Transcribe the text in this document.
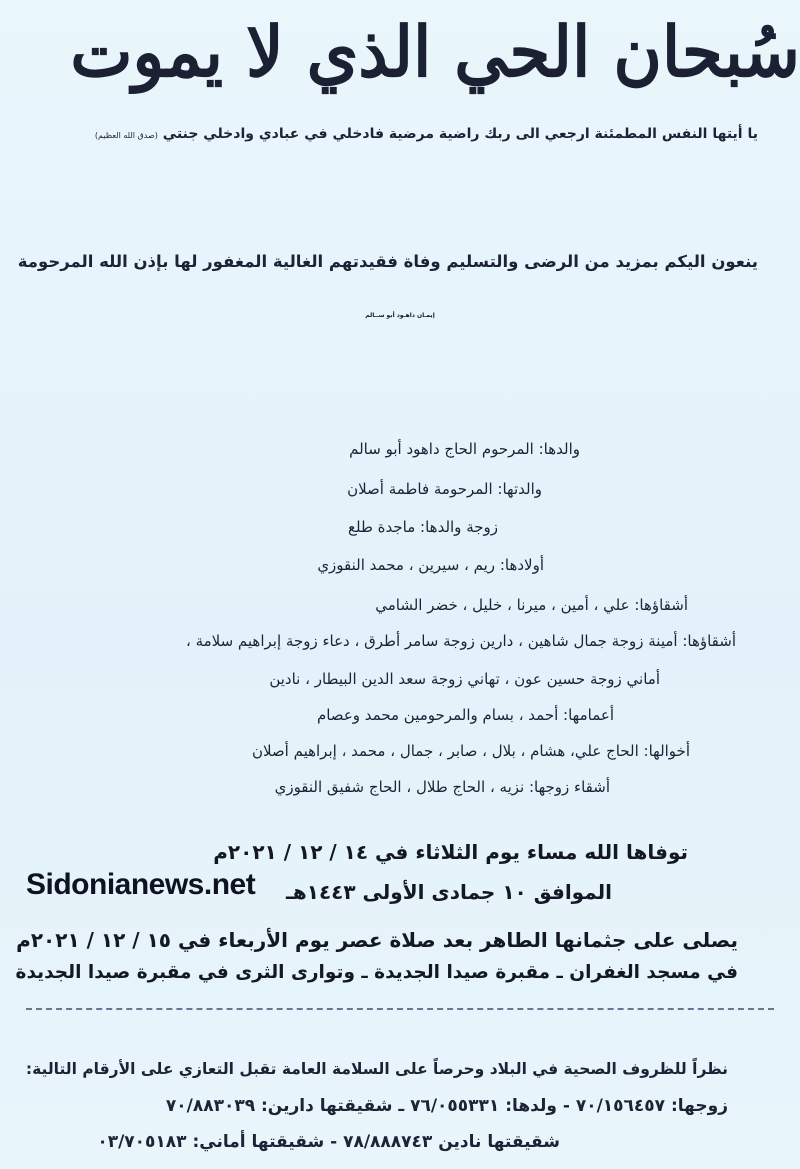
سُبحان الحي الذي لا يموت
يا أيتها النفس المطمئنة ارجعي الى ربك راضية مرضية فادخلي في عبادي وادخلي جنتي (صدق الله العظيم)
ينعون اليكم بمزيد من الرضى والتسليم وفاة فقيدتهم الغالية المغفور لها بإذن الله المرحومة
إيمـان داهـود أبو ســالم
والدها: المرحوم الحاج داهود أبو سالم
والدتها: المرحومة فاطمة أصلان
زوجة والدها: ماجدة طلع
أولادها: ريم ، سيرين ، محمد النقوزي
أشقاؤها: علي ، أمين ، ميرنا ، خليل ، خضر الشامي
أشقاؤها: أمينة زوجة جمال شاهين ، دارين زوجة سامر أطرق ، دعاء زوجة إبراهيم سلامة ،
أماني زوجة حسين عون ، تهاني زوجة سعد الدين البيطار ، نادين
أعمامها: أحمد ، بسام والمرحومين محمد وعصام
أخوالها: الحاج علي، هشام ، بلال ، صابر ، جمال ، محمد ، إبراهيم أصلان
أشقاء زوجها: نزيه ، الحاج طلال ، الحاج شفيق النقوزي
توفاها الله مساء يوم الثلاثاء في ١٤ / ١٢ / ٢٠٢١م
الموافق ١٠ جمادى الأولى ١٤٤٣هـ
Sidonianews.net
يصلى على جثمانها الطاهر بعد صلاة عصر يوم الأربعاء في ١٥ / ١٢ / ٢٠٢١م
في مسجد الغفران ـ مقبرة صيدا الجديدة ـ وتوارى الثرى في مقبرة صيدا الجديدة
نظراً للظروف الصحية في البلاد وحرصاً على السلامة العامة تقبل التعازي على الأرقام التالية:
زوجها: ٧٠/١٥٦٤٥٧ - ولدها: ٧٦/٠٥٥٣٣١ ـ شقيقتها دارين: ٧٠/٨٨٣٠٣٩
شقيقتها نادين ٧٨/٨٨٨٧٤٣ - شقيقتها أماني: ٠٣/٧٠٥١٨٣
